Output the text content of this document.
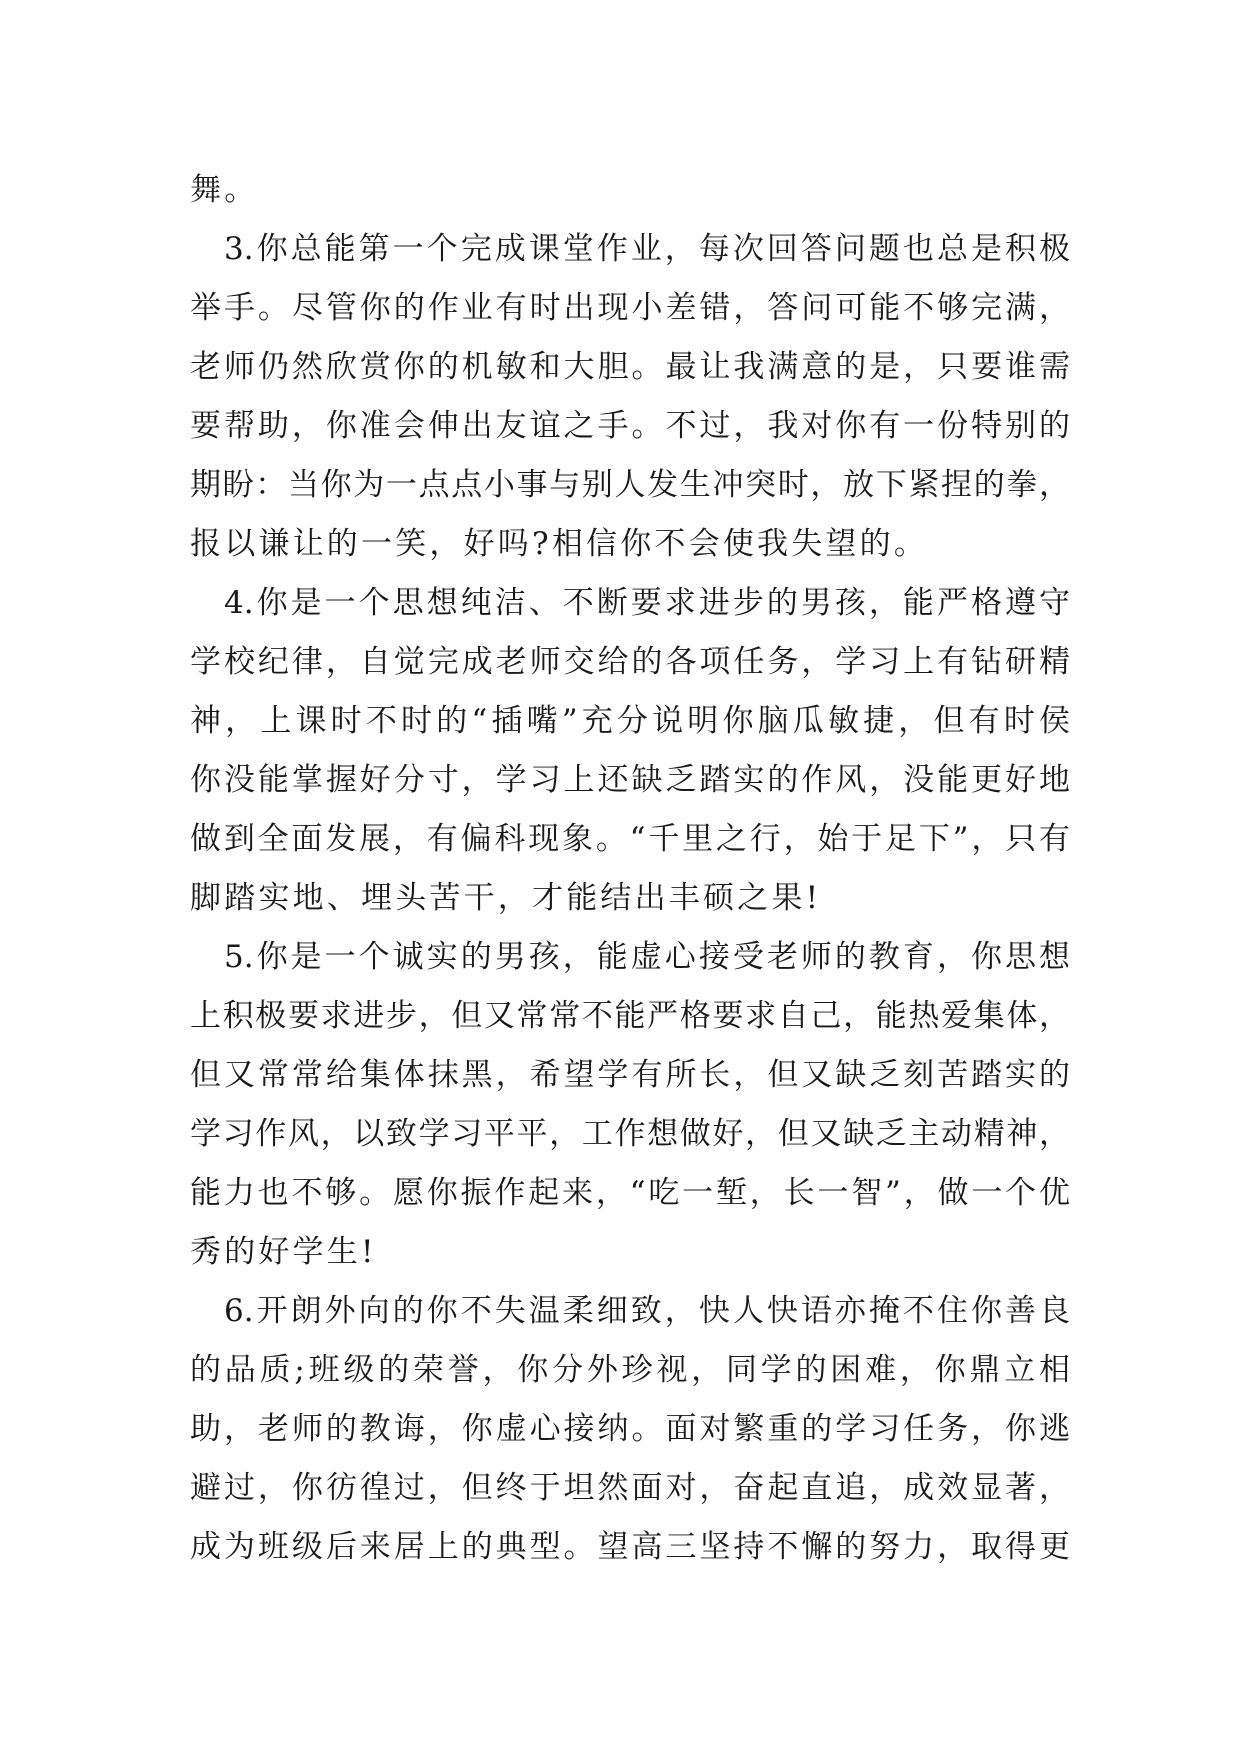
舞。
3.你总能第一个完成课堂作业，每次回答问题也总是积极
举手。尽管你的作业有时出现小差错，答问可能不够完满，
老师仍然欣赏你的机敏和大胆。最让我满意的是，只要谁需
要帮助，你准会伸出友谊之手。不过，我对你有一份特别的
期盼：当你为一点点小事与别人发生冲突时，放下紧捏的拳，
报以谦让的一笑，好吗?相信你不会使我失望的。
4.你是一个思想纯洁、不断要求进步的男孩，能严格遵守
学校纪律，自觉完成老师交给的各项任务，学习上有钻研精
神，上课时不时的“插嘴”充分说明你脑瓜敏捷，但有时侯
你没能掌握好分寸，学习上还缺乏踏实的作风，没能更好地
做到全面发展，有偏科现象。“千里之行，始于足下”，只有
脚踏实地、埋头苦干，才能结出丰硕之果!
5.你是一个诚实的男孩，能虚心接受老师的教育，你思想
上积极要求进步，但又常常不能严格要求自己，能热爱集体，
但又常常给集体抹黑，希望学有所长，但又缺乏刻苦踏实的
学习作风，以致学习平平，工作想做好，但又缺乏主动精神，
能力也不够。愿你振作起来，“吃一堑，长一智”，做一个优
秀的好学生!
6.开朗外向的你不失温柔细致，快人快语亦掩不住你善良
的品质;班级的荣誉，你分外珍视，同学的困难，你鼎立相
助，老师的教诲，你虚心接纳。面对繁重的学习任务，你逃
避过，你彷徨过，但终于坦然面对，奋起直追，成效显著，
成为班级后来居上的典型。望高三坚持不懈的努力，取得更
